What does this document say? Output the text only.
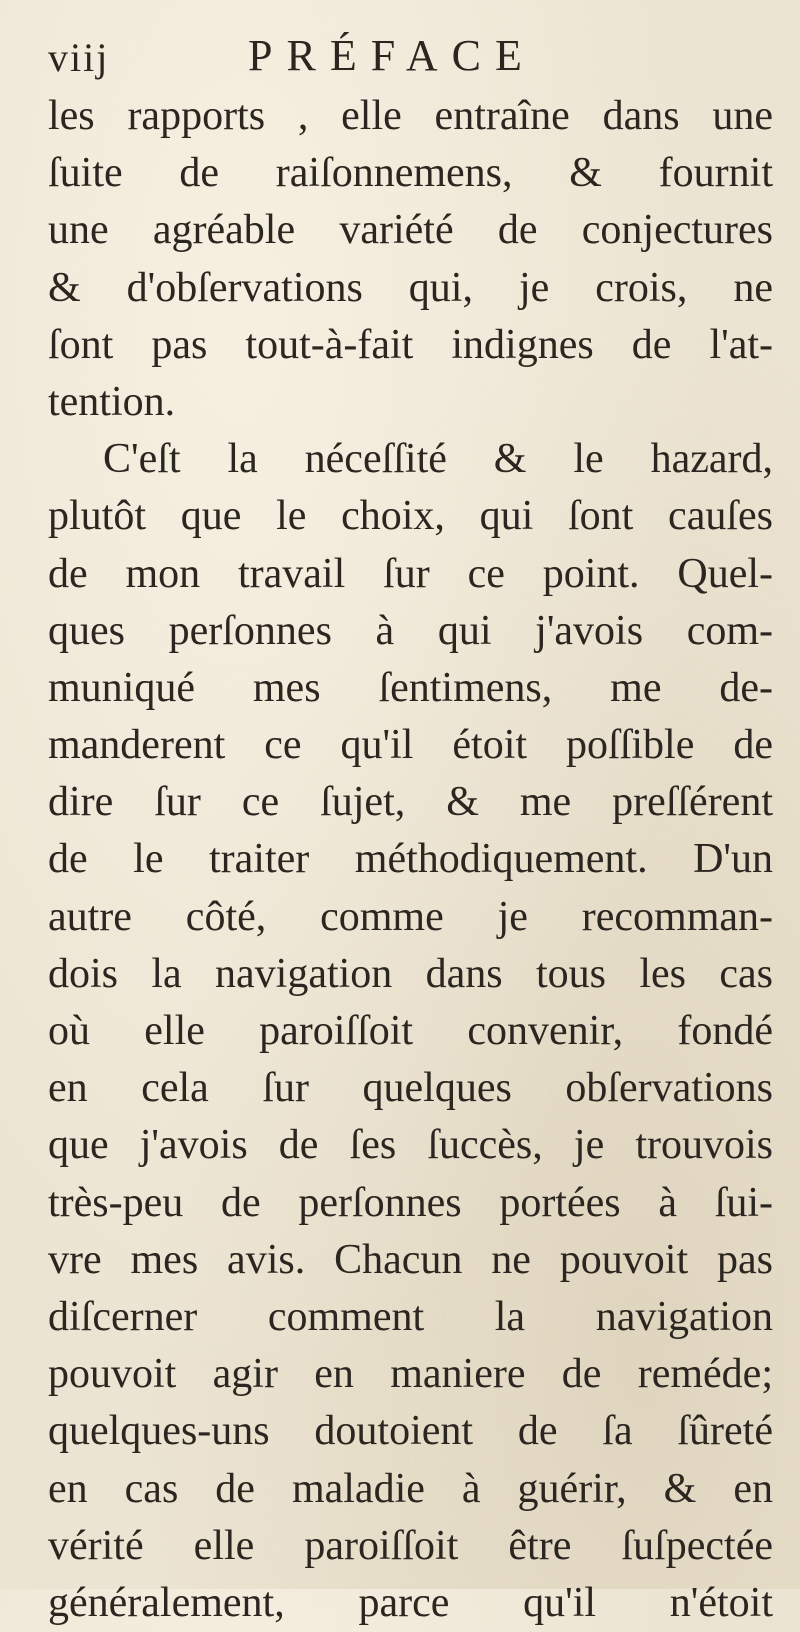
viij	PRÉFACE
les rapports , elle entraîne dans une
ſuite de raiſonnemens, & fournit
une agréable variété de conjectures
& d'obſervations qui, je crois, ne
ſont pas tout-à-fait indignes de l'at-
tention.
C'eſt la néceſſité & le hazard,
plutôt que le choix, qui ſont cauſes
de mon travail ſur ce point. Quel-
ques perſonnes à qui j'avois com-
muniqué mes ſentimens, me de-
manderent ce qu'il étoit poſſible de
dire ſur ce ſujet, & me preſſérent
de le traiter méthodiquement. D'un
autre côté, comme je recomman-
dois la navigation dans tous les cas
où elle paroiſſoit convenir, fondé
en cela ſur quelques obſervations
que j'avois de ſes ſuccès, je trouvois
très-peu de perſonnes portées à ſui-
vre mes avis. Chacun ne pouvoit pas
diſcerner comment la navigation
pouvoit agir en maniere de reméde;
quelques-uns doutoient de ſa ſûreté
en cas de maladie à guérir, & en
vérité elle paroiſſoit être ſuſpectée
généralement, parce qu'il n'étoit
